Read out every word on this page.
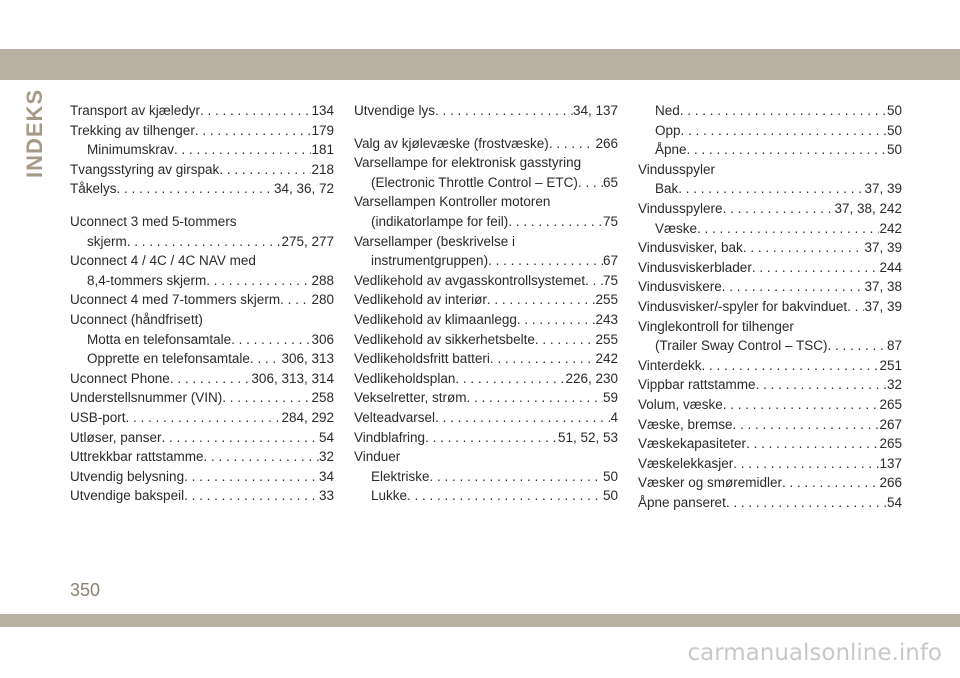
INDEKS Transport av kjæledyr . . .	134
Trekking av tilhenger . . .	179
Minimumskrav . . .	181
Tvangsstyring av girspak . . .	218
Tåkelys . . .	34, 36, 72
Uconnect 3 med 5-tommers
skjerm . . .	275, 277
Uconnect 4 / 4C / 4C NAV med
8,4-tommers skjerm . . .	288
Uconnect 4 med 7-tommers skjerm . . . 280
Uconnect (håndfrisett)
Motta en telefonsamtale . . .	306
Opprette en telefonsamtale . . . 306, 313
Uconnect Phone . . .	306, 313, 314
Understellsnummer (VIN) . . .	258
USB-port . . .	284, 292
Utløser, panser . . .	54
Uttrekkbar rattstamme . . .	32
Utvendig belysning . . .	34
Utvendige bakspeil . . .	33
Utvendige lys . . .	34, 137
Valg av kjølevæske (frostvæske) . . .	266
Varsellampe for elektronisk gasstyring
(Electronic Throttle Control – ETC) . . . 65
Varsellampen Kontroller motoren
(indikatorlampe for feil) . . .	75
Varsellamper (beskrivelse i
instrumentgruppen) . . .	67
Vedlikehold av avgasskontrollsystemet . . . 75
Vedlikehold av interiør . . .	255
Vedlikehold av klimaanlegg . . .	243
Vedlikehold av sikkerhetsbelte . . .	255
Vedlikeholdsfritt batteri . . .	242
Vedlikeholdsplan . . .	226, 230
Vekselretter, strøm . . .	59
Velteadvarsel . . .	4
Vindblafring . . .	51, 52, 53
Vinduer
Elektriske . . .	50
Lukke . . .	50
Ned . . .	50
Opp . . .	50
Åpne . . .	50
Vindusspyler
Bak . . .	37, 39
Vindusspylere . . .	37, 38, 242
Væske . . .	242
Vindusvisker, bak . . .	37, 39
Vindusviskerblader . . .	244
Vindusviskere . . .	37, 38
Vindusvisker/-spyler for bakvinduet . . . 37, 39
Vinglekontroll for tilhenger
(Trailer Sway Control – TSC) . . .	87
Vinterdekk . . .	251
Vippbar rattstamme . . .	32
Volum, væske . . .	265
Væske, bremse . . .	267
Væskekapasiteter . . .	265
Væskelekkasjer . . .	137
Væsker og smøremidler . . .	266
Åpne panseret . . .	54
350
carmanualsonline.info
